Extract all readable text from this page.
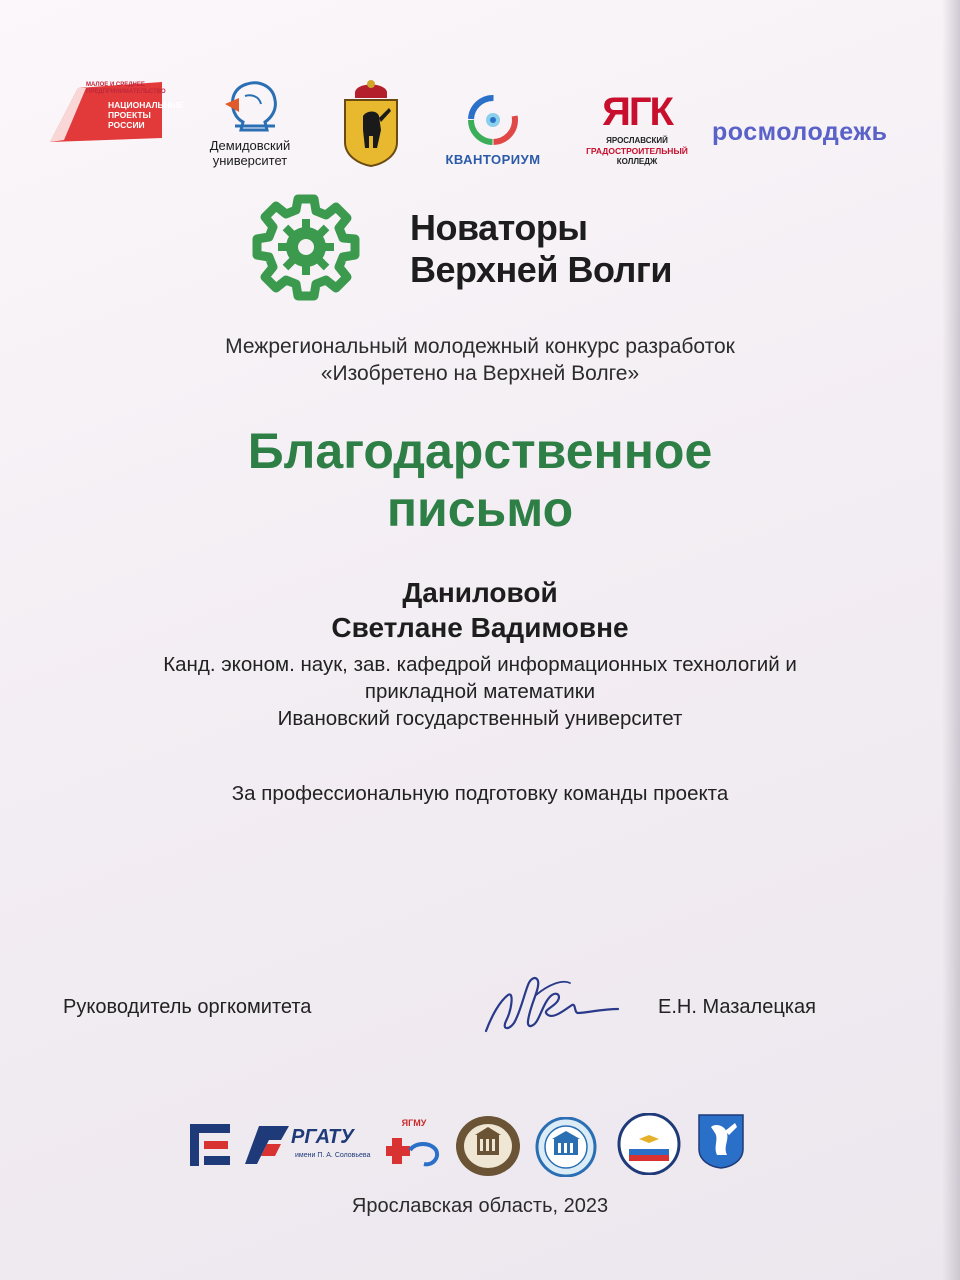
МАЛОЕ И СРЕДНЕЕ ПРЕДПРИНИМАТЕЛЬСТВО
НАЦИОНАЛЬНЫЕ ПРОЕКТЫ РОССИИ
Демидовский университет	КВАНТОРИУМ
ЯГК
ЯРОСЛАВСКИЙ
ГРАДОСТРОИТЕЛЬНЫЙ
КОЛЛЕДЖ
росмолодежь
Новаторы
Верхней Волги
Межрегиональный молодежный конкурс разработок
«Изобретено на Верхней Волге»
Благодарственное
письмо
Даниловой
Светлане Вадимовне
Канд. эконом. наук, зав. кафедрой информационных технологий и
прикладной математики
Ивановский государственный университет
За профессиональную подготовку команды проекта
Руководитель оргкомитета	Е.Н. Мазалецкая
РГАТУ
имени П. А. Соловьева
ЯГМУ
Ярославская область, 2023
